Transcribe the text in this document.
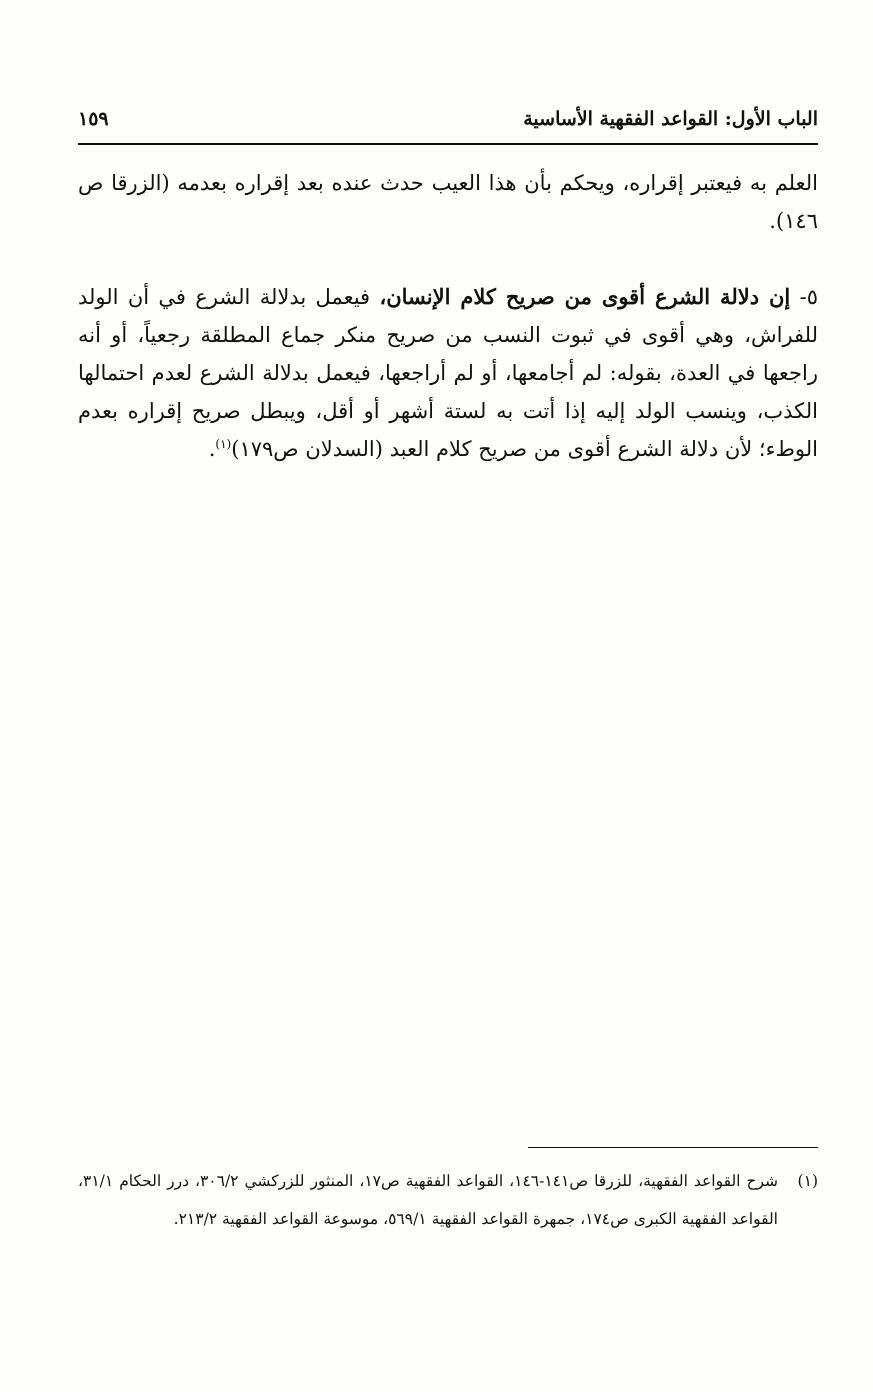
الباب الأول: القواعد الفقهية الأساسية
١٥٩

العلم به فيعتبر إقراره، ويحكم بأن هذا العيب حدث عنده بعد إقراره بعدمه (الزرقا ص ١٤٦).

٥- إن دلالة الشرع أقوى من صريح كلام الإنسان، فيعمل بدلالة الشرع في أن الولد للفراش، وهي أقوى في ثبوت النسب من صريح منكر جماع المطلقة رجعياً، أو أنه راجعها في العدة، بقوله: لم أجامعها، أو لم أراجعها، فيعمل بدلالة الشرع لعدم احتمالها الكذب، وينسب الولد إليه إذا أتت به لستة أشهر أو أقل، ويبطل صريح إقراره بعدم الوطء؛ لأن دلالة الشرع أقوى من صريح كلام العبد (السدلان ص١٧٩)$^{(١)}$.

(١)
شرح القواعد الفقهية، للزرقا ص١٤١-١٤٦، القواعد الفقهية ص١٧، المنثور للزركشي ٣٠٦/٢، درر الحكام ٣١/١، القواعد الفقهية الكبرى ص١٧٤، جمهرة القواعد الفقهية ٥٦٩/١، موسوعة القواعد الفقهية ٢١٣/٢.
